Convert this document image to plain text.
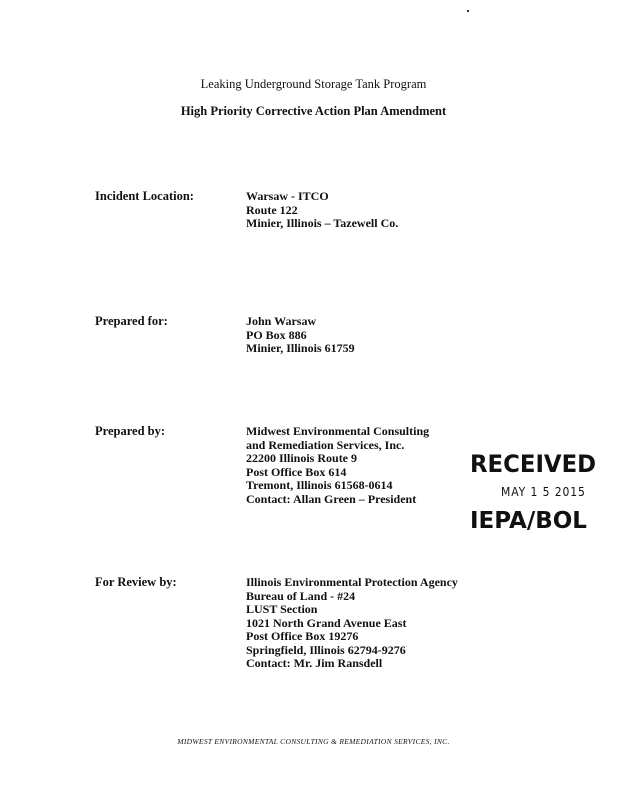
Leaking Underground Storage Tank Program
High Priority Corrective Action Plan Amendment
Incident Location:	Warsaw - ITCO
Route 122
Minier, Illinois – Tazewell Co.
Prepared for:	John Warsaw
PO Box 886
Minier, Illinois 61759
Prepared by:	Midwest Environmental Consulting
and Remediation Services, Inc.
22200 Illinois Route 9
Post Office Box 614
Tremont, Illinois 61568-0614
Contact: Allan Green – President
RECEIVED
MAY 1 5 2015
IEPA/BOL
For Review by:	Illinois Environmental Protection Agency
Bureau of Land - #24
LUST Section
1021 North Grand Avenue East
Post Office Box 19276
Springfield, Illinois 62794-9276
Contact: Mr. Jim Ransdell
MIDWEST ENVIRONMENTAL CONSULTING & REMEDIATION SERVICES, INC.
